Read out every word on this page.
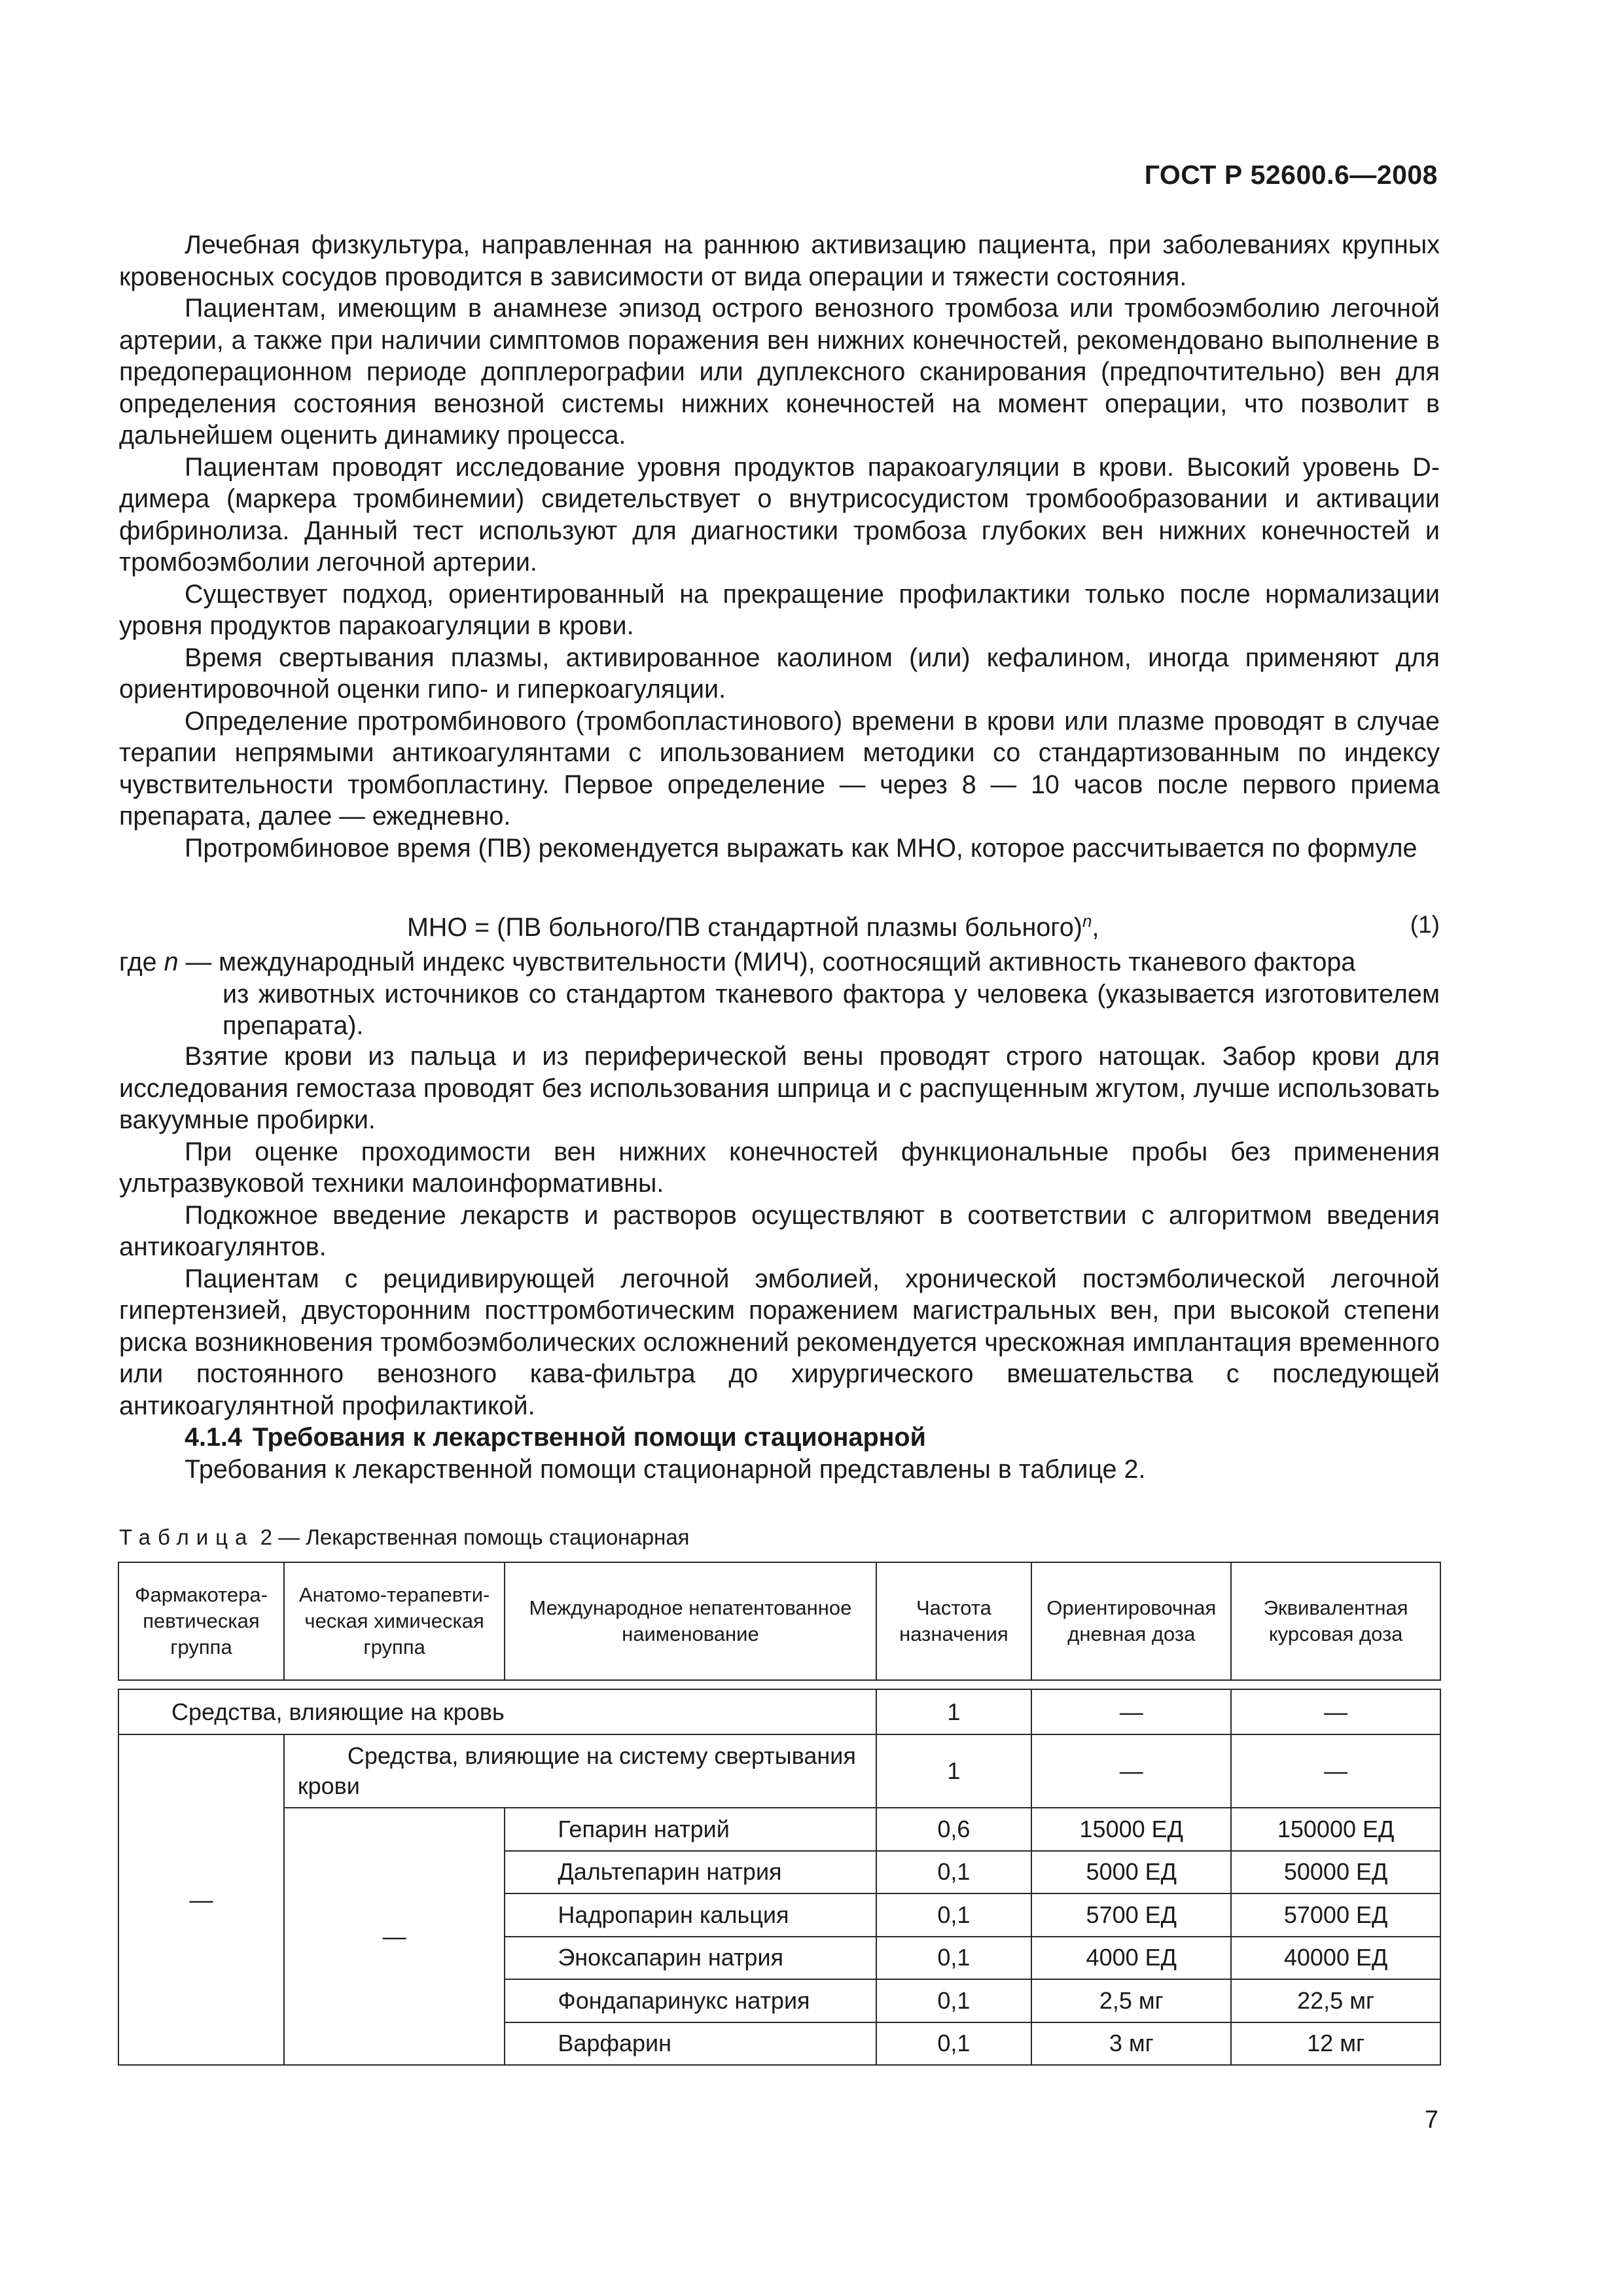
ГОСТ Р 52600.6—2008

Лечебная физкультура, направленная на раннюю активизацию пациента, при заболеваниях крупных кровеносных сосудов проводится в зависимости от вида операции и тяжести состояния.

Пациентам, имеющим в анамнезе эпизод острого венозного тромбоза или тромбоэмболию легочной артерии, а также при наличии симптомов поражения вен нижних конечностей, рекомендовано выполнение в предоперационном периоде допплерографии или дуплексного сканирования (предпочтительно) вен для определения состояния венозной системы нижних конечностей на момент операции, что позволит в дальнейшем оценить динамику процесса.

Пациентам проводят исследование уровня продуктов паракоагуляции в крови. Высокий уровень D-димера (маркера тромбинемии) свидетельствует о внутрисосудистом тромбообразовании и активации фибринолиза. Данный тест используют для диагностики тромбоза глубоких вен нижних конечностей и тромбоэмболии легочной артерии.

Существует подход, ориентированный на прекращение профилактики только после нормализации уровня продуктов паракоагуляции в крови.

Время свертывания плазмы, активированное каолином (или) кефалином, иногда применяют для ориентировочной оценки гипо- и гиперкоагуляции.

Определение протромбинового (тромбопластинового) времени в крови или плазме проводят в случае терапии непрямыми антикоагулянтами с ипользованием методики со стандартизованным по индексу чувствительности тромбопластину. Первое определение — через 8 — 10 часов после первого приема препарата, далее — ежедневно.

Протромбиновое время (ПВ) рекомендуется выражать как МНО, которое рассчитывается по формуле

МНО = (ПВ больного/ПВ стандартной плазмы больного)$^n$,	(1)
где n — международный индекс чувствительности (МИЧ), соотносящий активность тканевого фактора
из животных источников со стандартом тканевого фактора у человека (указывается изготовителем препарата).

Взятие крови из пальца и из периферической вены проводят строго натощак. Забор крови для исследования гемостаза проводят без использования шприца и с распущенным жгутом, лучше использовать вакуумные пробирки.

При оценке проходимости вен нижних конечностей функциональные пробы без применения ультразвуковой техники малоинформативны.

Подкожное введение лекарств и растворов осуществляют в соответствии с алгоритмом введения антикоагулянтов.

Пациентам с рецидивирующей легочной эмболией, хронической постэмболической легочной гипертензией, двусторонним посттромботическим поражением магистральных вен, при высокой степени риска возникновения тромбоэмболических осложнений рекомендуется чрескожная имплантация временного или постоянного венозного кава-фильтра до хирургического вмешательства с последующей антикоагулянтной профилактикой.

4.1.4 Требования к лекарственной помощи стационарной

Требования к лекарственной помощи стационарной представлены в таблице 2.

Таблица 2 — Лекарственная помощь стационарная
Фармакотера-певтическая группа	Анатомо-терапевти-ческая химическая группа	Международное непатентованное наименование	Частота назначения	Ориентировочная дневная доза	Эквивалентная курсовая доза

Средства, влияющие на кровь			1	—	—
—	Средства, влияющие на систему свертывания крови		1	—	—
	—	Гепарин натрий	0,6	15000 ЕД	150000 ЕД
		Дальтепарин натрия	0,1	5000 ЕД	50000 ЕД
		Надропарин кальция	0,1	5700 ЕД	57000 ЕД
		Эноксапарин натрия	0,1	4000 ЕД	40000 ЕД
		Фондапаринукс натрия	0,1	2,5 мг	22,5 мг
		Варфарин	0,1	3 мг	12 мг
7
